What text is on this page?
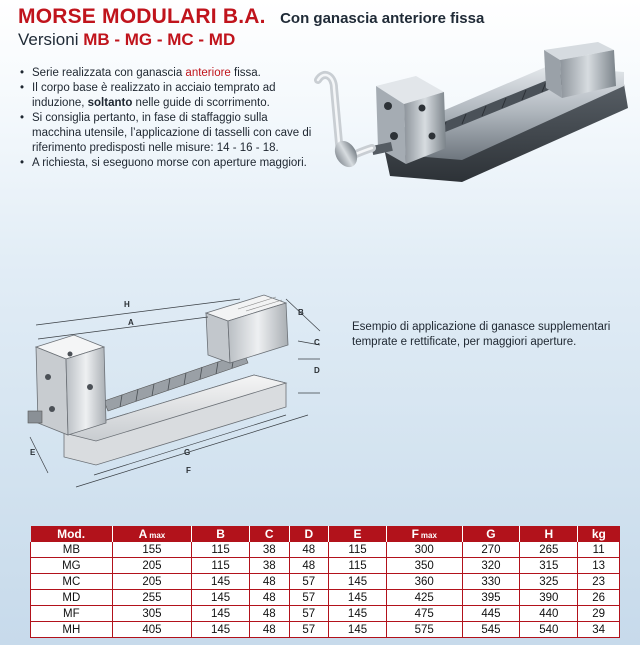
MORSE MODULARI B.A. Con ganascia anteriore fissa
Versioni MB - MG - MC - MD
• Serie realizzata con ganascia anteriore fissa.
• Il corpo base è realizzato in acciaio temprato ad induzione, soltanto nelle guide di scorrimento.
• Si consiglia pertanto, in fase di staffaggio sulla macchina utensile, l’applicazione di tasselli con cave di riferimento predisposti nelle misure: 14 - 16 - 18.
• A richiesta, si eseguono morse con aperture maggiori.
H
A
B
C
D
E	G
F
Esempio di applicazione di ganasce supplementari temprate e rettificate, per maggiori aperture.
Mod.	A max	B	C	D	E	F max	G	H	kg
MB	155	115	38	48	115	300	270	265	11
MG	205	115	38	48	115	350	320	315	13
MC	205	145	48	57	145	360	330	325	23
MD	255	145	48	57	145	425	395	390	26
MF	305	145	48	57	145	475	445	440	29
MH	405	145	48	57	145	575	545	540	34
